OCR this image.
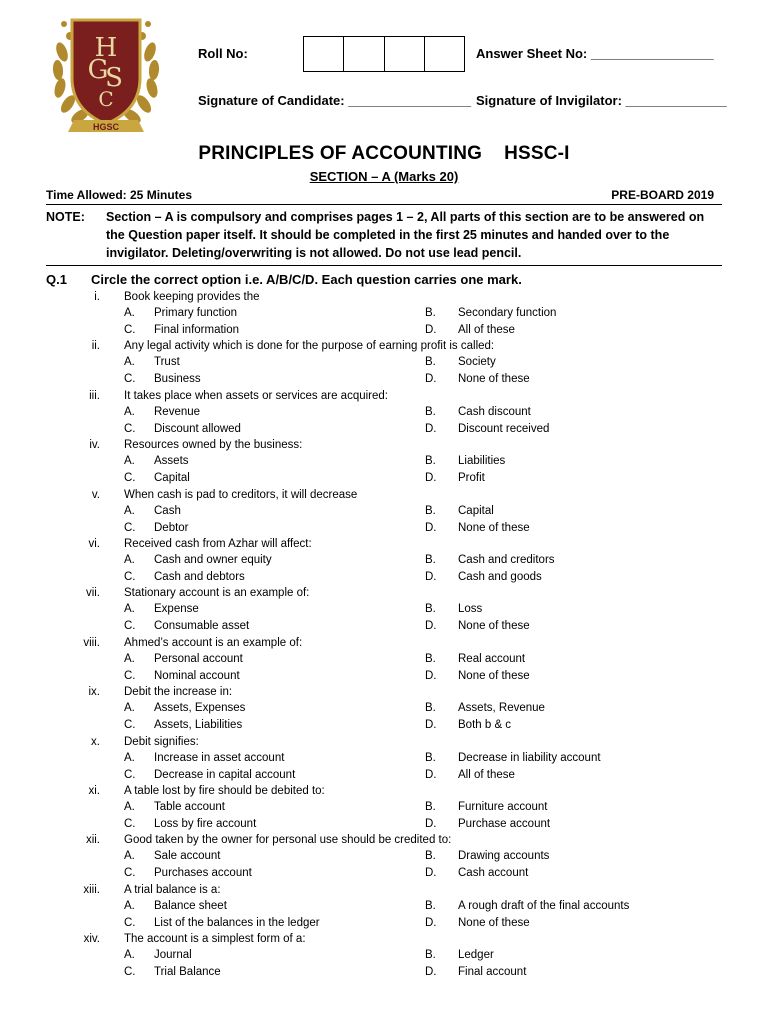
H
G
S
C
HGSC
Roll No:	Answer Sheet No: _________________
Signature of Candidate: _________________ Signature of Invigilator: ______________
PRINCIPLES OF ACCOUNTING    HSSC-I
SECTION – A (Marks 20)
Time Allowed: 25 Minutes	PRE-BOARD 2019
NOTE:	Section – A is compulsory and comprises pages 1 – 2, All parts of this section are to be answered on the Question paper itself. It should be completed in the first 25 minutes and handed over to the invigilator. Deleting/overwriting is not allowed. Do not use lead pencil.
Q.1 Circle the correct option i.e. A/B/C/D. Each question carries one mark.
i. Book keeping provides the
A. Primary function	B. Secondary function
C. Final information	D. All of these
ii. Any legal activity which is done for the purpose of earning profit is called:
A. Trust	B. Society
C. Business	D. None of these
iii. It takes place when assets or services are acquired:
A. Revenue	B. Cash discount
C. Discount allowed	D. Discount received
iv. Resources owned by the business:
A. Assets	B. Liabilities
C. Capital	D. Profit
v. When cash is pad to creditors, it will decrease
A. Cash	B. Capital
C. Debtor	D. None of these
vi. Received cash from Azhar will affect:
A. Cash and owner equity	B. Cash and creditors
C. Cash and debtors	D. Cash and goods
vii. Stationary account is an example of:
A. Expense	B. Loss
C. Consumable asset	D. None of these
viii. Ahmed’s account is an example of:
A. Personal account	B. Real account
C. Nominal account	D. None of these
ix. Debit the increase in:
A. Assets, Expenses	B. Assets, Revenue
C. Assets, Liabilities	D. Both b & c
x. Debit signifies:
A. Increase in asset account	B. Decrease in liability account
C. Decrease in capital account	D. All of these
xi. A table lost by fire should be debited to:
A. Table account	B. Furniture account
C. Loss by fire account	D. Purchase account
xii. Good taken by the owner for personal use should be credited to:
A. Sale account	B. Drawing accounts
C. Purchases account	D. Cash account
xiii. A trial balance is a:
A. Balance sheet	B. A rough draft of the final accounts
C. List of the balances in the ledger	D. None of these
xiv. The account is a simplest form of a:
A. Journal	B. Ledger
C. Trial Balance	D. Final account
